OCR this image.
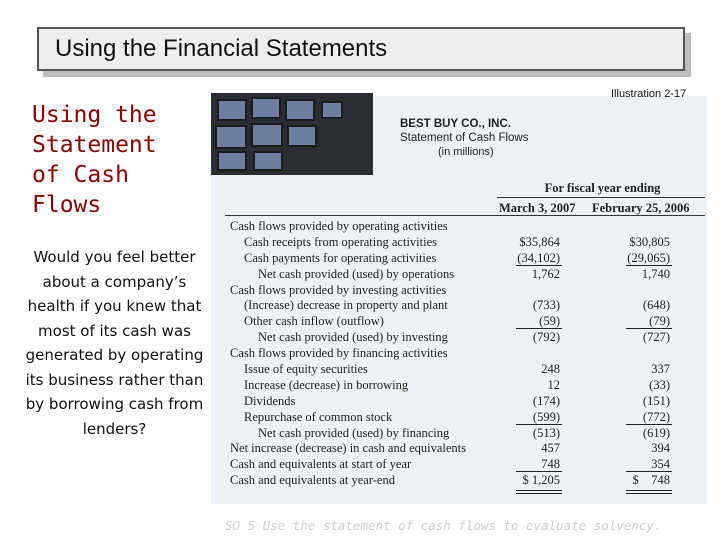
Using the Financial Statements
Using the
Statement
of Cash
Flows
Would you feel better about a company’s health if you knew that most of its cash was generated by operating its business rather than by borrowing cash from lenders?
Illustration 2-17
BEST BUY CO., INC.
Statement of Cash Flows
(in millions)
For fiscal year ending
March 3, 2007 February 25, 2006
Cash flows provided by operating activities
Cash receipts from operating activities	$35,864	$30,805
Cash payments for operating activities	(34,102)	(29,065)
Net cash provided (used) by operations	1,762	1,740
Cash flows provided by investing activities
(Increase) decrease in property and plant	(733)	(648)
Other cash inflow (outflow)	(59)	(79)
Net cash provided (used) by investing	(792)	(727)
Cash flows provided by financing activities
Issue of equity securities	248	337
Increase (decrease) in borrowing	12	(33)
Dividends	(174)	(151)
Repurchase of common stock	(599)	(772)
Net cash provided (used) by financing	(513)	(619)
Net increase (decrease) in cash and equivalents	457	394
Cash and equivalents at start of year	748	354
Cash and equivalents at year-end	$ 1,205	$    748
SO 5 Use the statement of cash flows to evaluate solvency.
